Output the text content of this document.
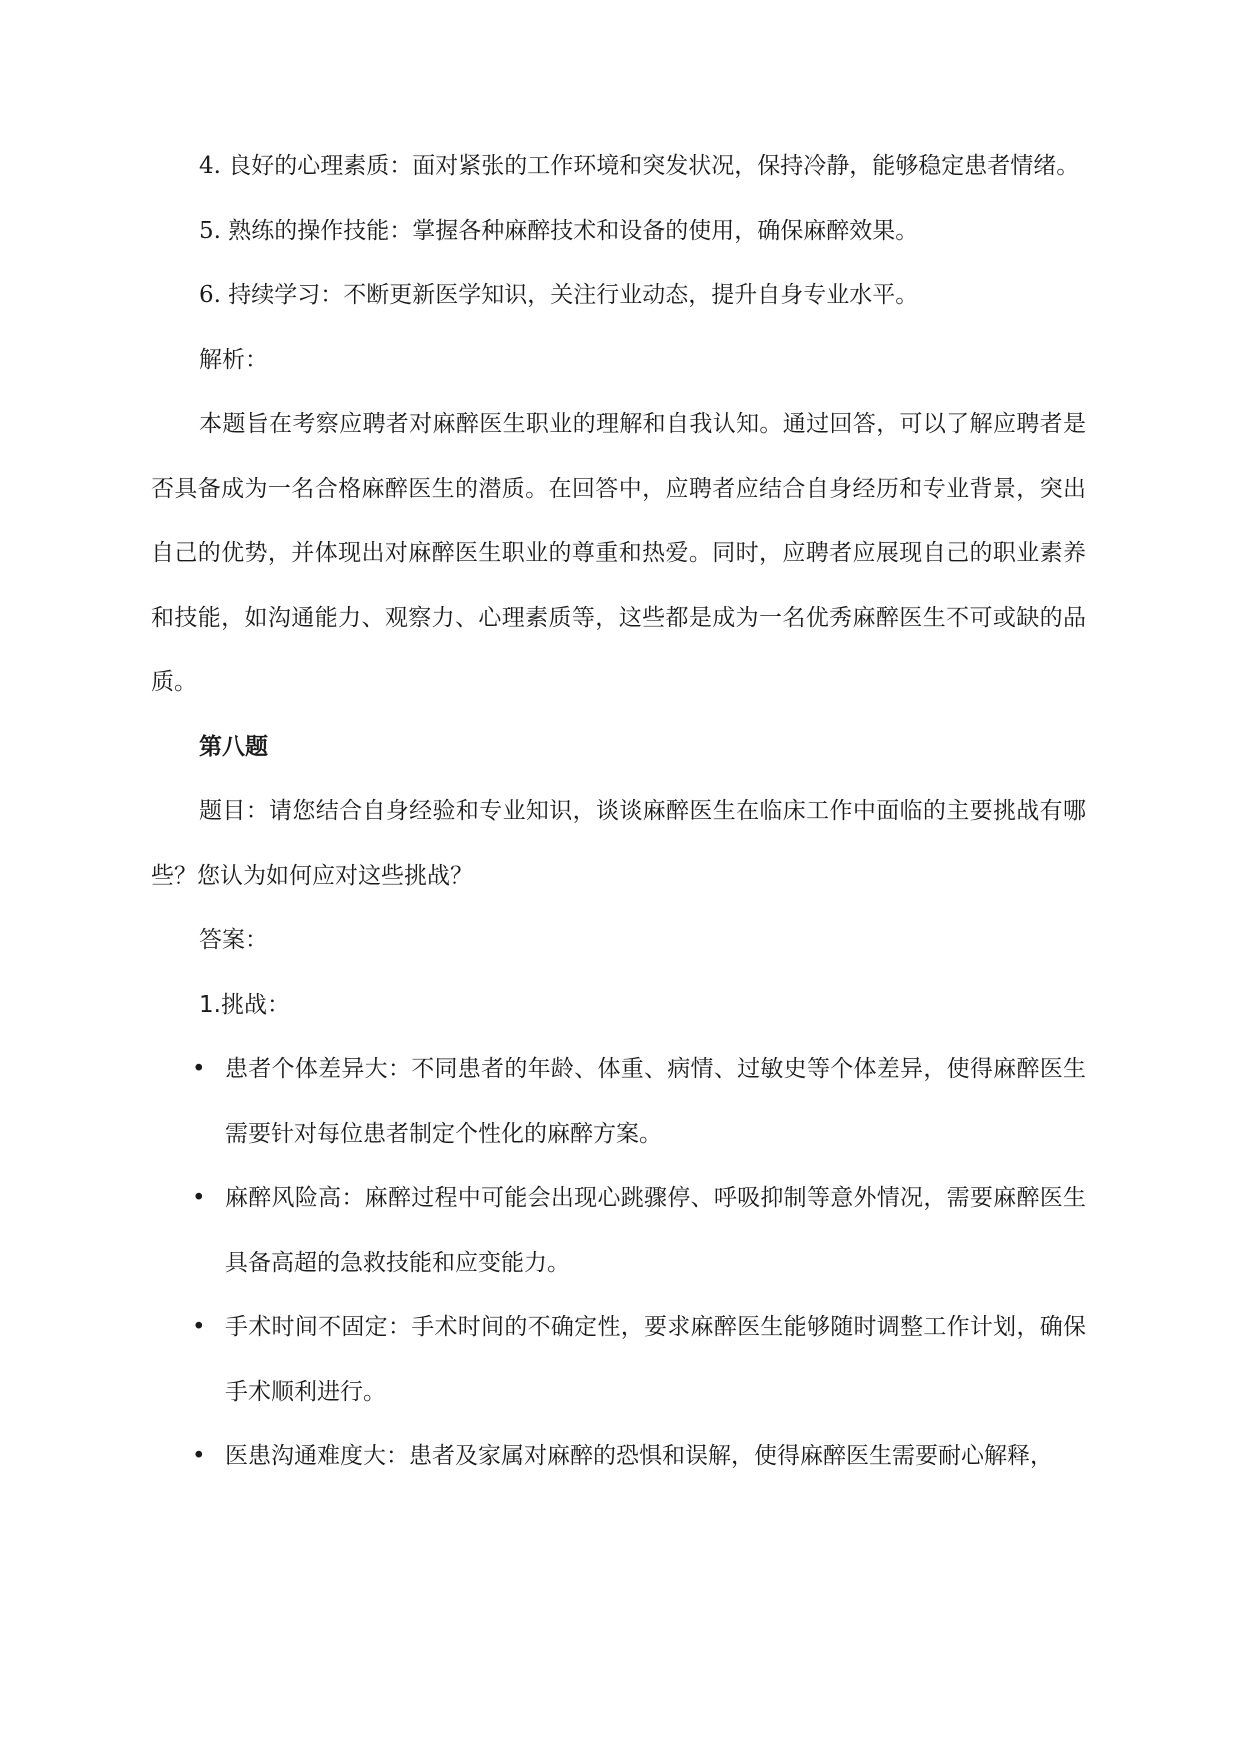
4. 良好的心理素质：面对紧张的工作环境和突发状况，保持冷静，能够稳定患者情绪。

5. 熟练的操作技能：掌握各种麻醉技术和设备的使用，确保麻醉效果。

6. 持续学习：不断更新医学知识，关注行业动态，提升自身专业水平。

解析：

本题旨在考察应聘者对麻醉医生职业的理解和自我认知。通过回答，可以了解应聘者是否具备成为一名合格麻醉医生的潜质。在回答中，应聘者应结合自身经历和专业背景，突出自己的优势，并体现出对麻醉医生职业的尊重和热爱。同时，应聘者应展现自己的职业素养和技能，如沟通能力、观察力、心理素质等，这些都是成为一名优秀麻醉医生不可或缺的品质。

第八题

题目：请您结合自身经验和专业知识，谈谈麻醉医生在临床工作中面临的主要挑战有哪些？您认为如何应对这些挑战？

答案：

1.挑战：

• 患者个体差异大：不同患者的年龄、体重、病情、过敏史等个体差异，使得麻醉医生需要针对每位患者制定个性化的麻醉方案。
• 麻醉风险高：麻醉过程中可能会出现心跳骤停、呼吸抑制等意外情况，需要麻醉医生具备高超的急救技能和应变能力。
• 手术时间不固定：手术时间的不确定性，要求麻醉医生能够随时调整工作计划，确保手术顺利进行。
• 医患沟通难度大：患者及家属对麻醉的恐惧和误解，使得麻醉医生需要耐心解释，
